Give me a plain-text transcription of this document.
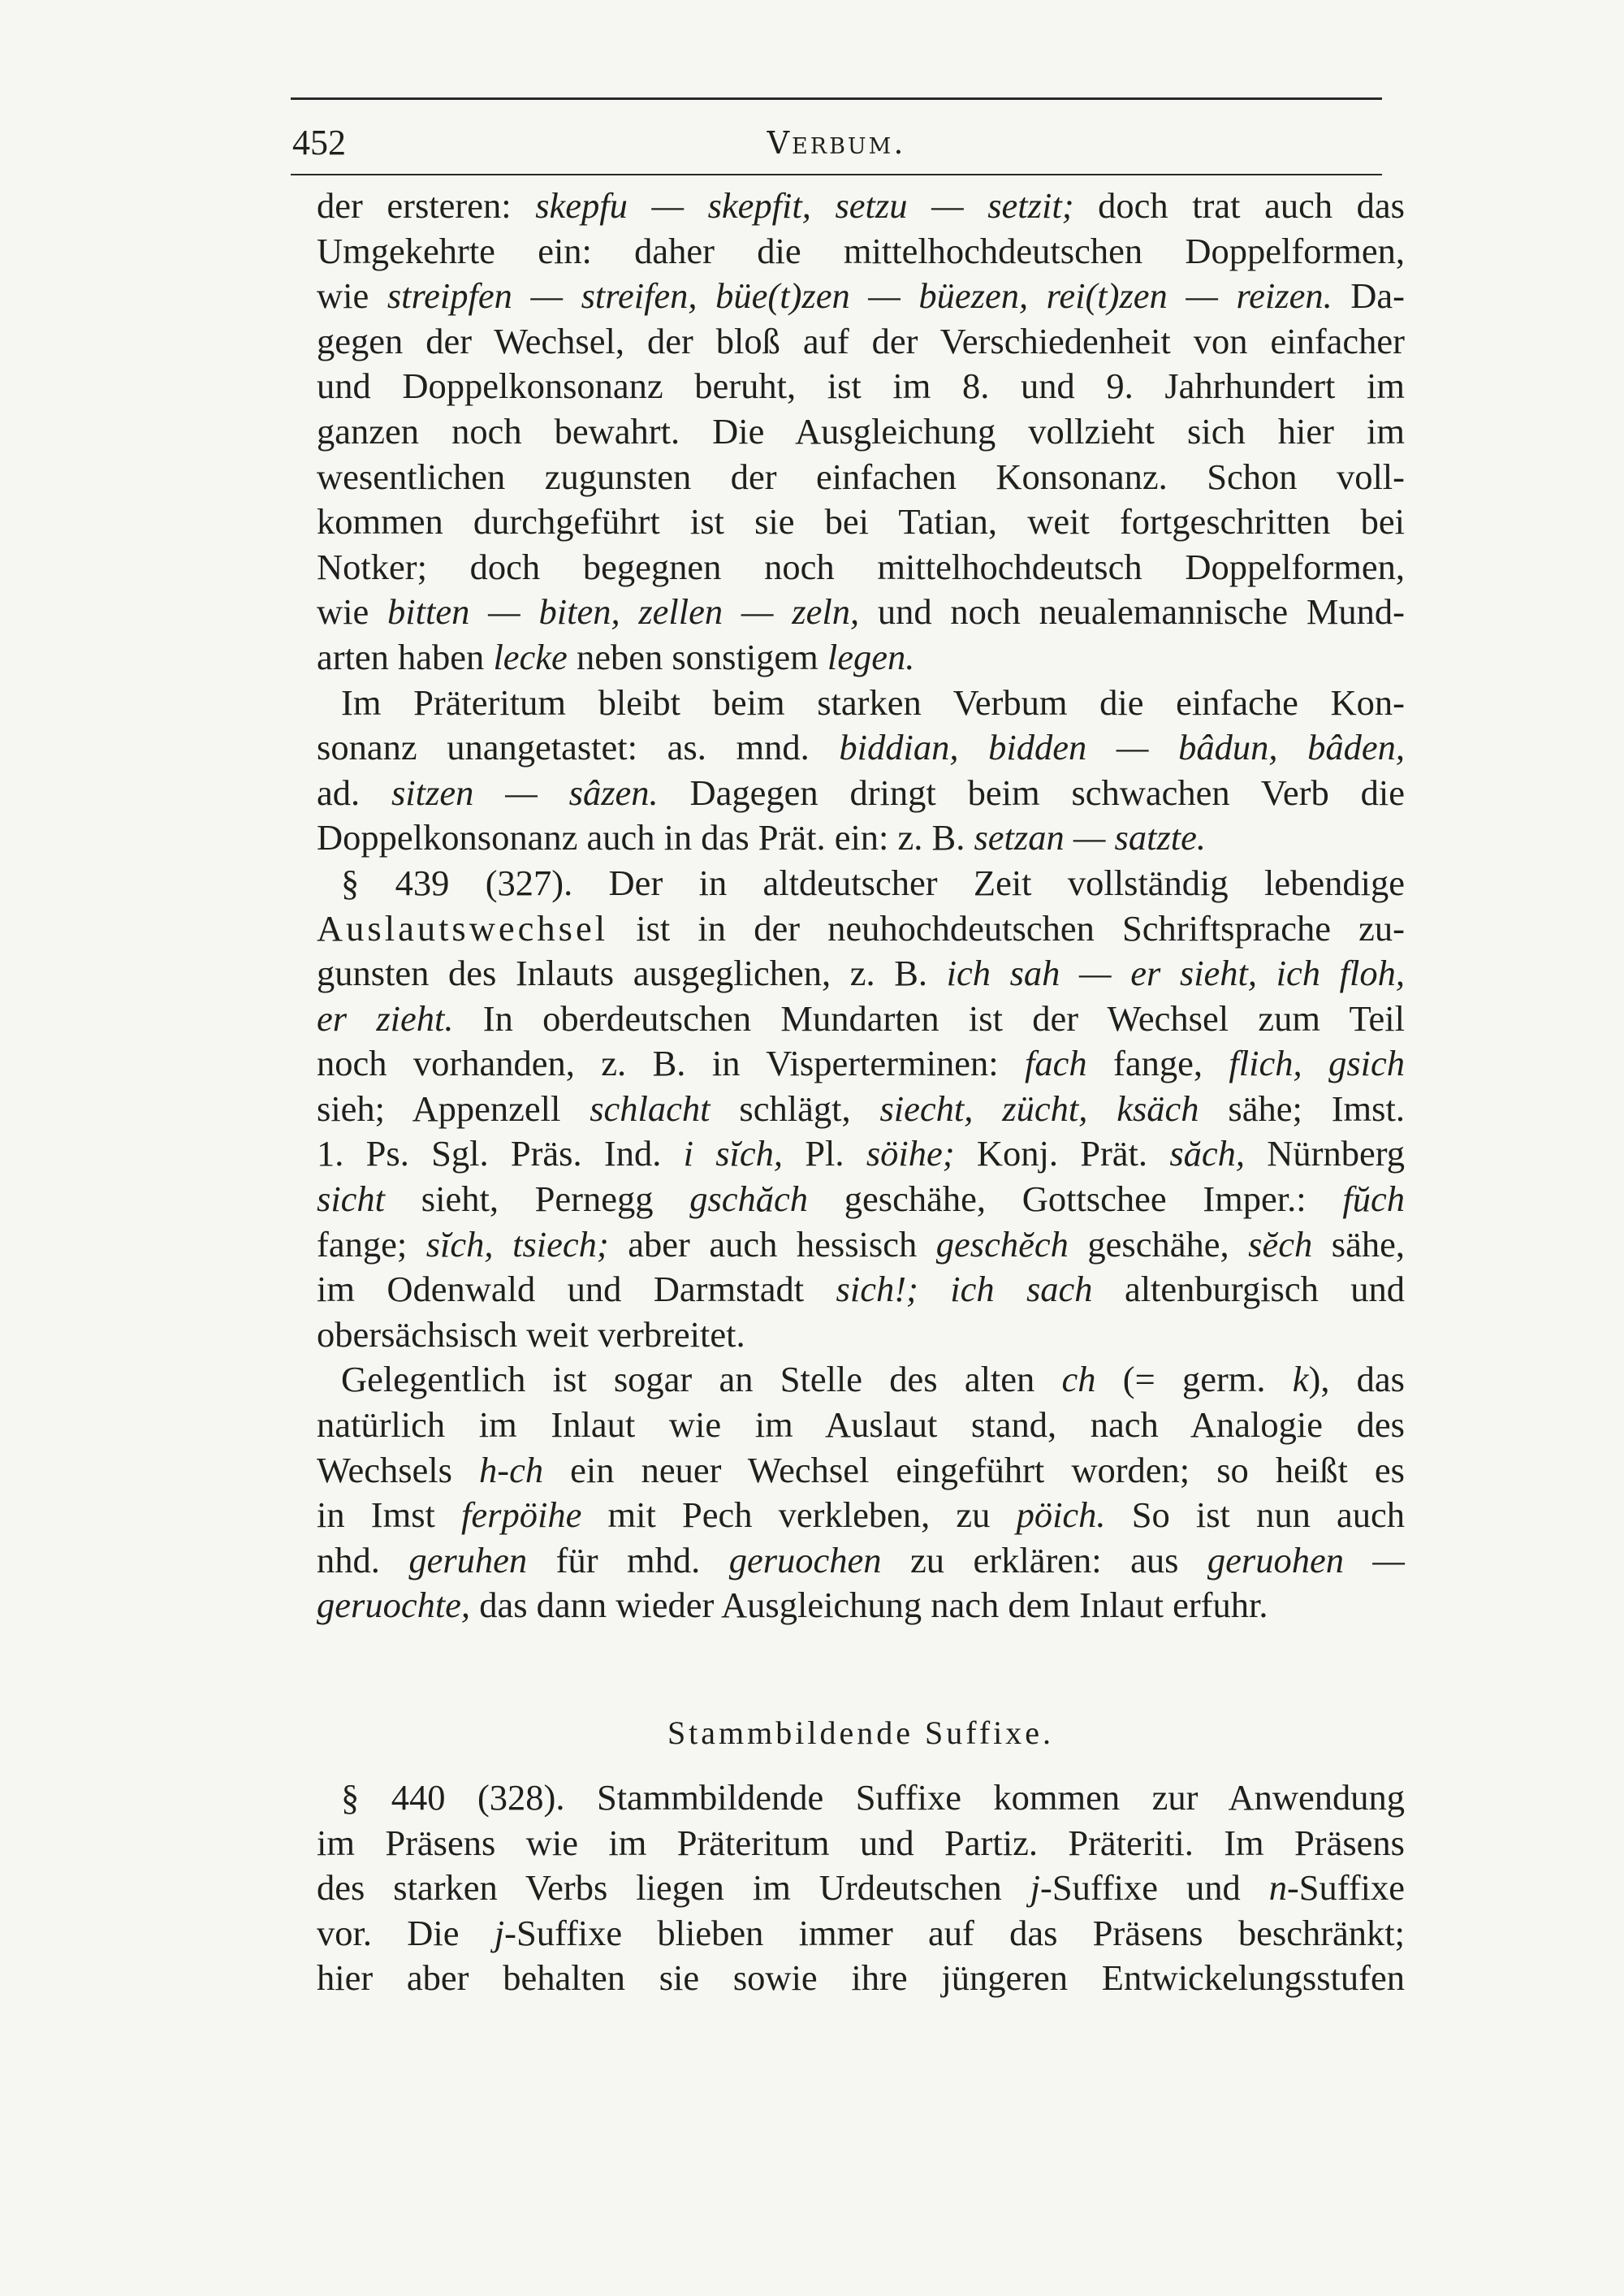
452	Verbum.
der ersteren: skepfu — skepfit, setzu — setzit; doch trat auch das
Umgekehrte ein: daher die mittelhochdeutschen Doppelformen,
wie streipfen — streifen, büe(t)zen — büezen, rei(t)zen — reizen. Da-
gegen der Wechsel, der bloß auf der Verschiedenheit von einfacher
und Doppelkonsonanz beruht, ist im 8. und 9. Jahrhundert im
ganzen noch bewahrt. Die Ausgleichung vollzieht sich hier im
wesentlichen zugunsten der einfachen Konsonanz. Schon voll-
kommen durchgeführt ist sie bei Tatian, weit fortgeschritten bei
Notker; doch begegnen noch mittelhochdeutsch Doppelformen,
wie bitten — biten, zellen — zeln, und noch neualemannische Mund-
arten haben lecke neben sonstigem legen.
Im Präteritum bleibt beim starken Verbum die einfache Kon-
sonanz unangetastet: as. mnd. biddian, bidden — bâdun, bâden,
ad. sitzen — sâzen. Dagegen dringt beim schwachen Verb die
Doppelkonsonanz auch in das Prät. ein: z. B. setzan — satzte.
§ 439 (327). Der in altdeutscher Zeit vollständig lebendige
Auslautswechsel ist in der neuhochdeutschen Schriftsprache zu-
gunsten des Inlauts ausgeglichen, z. B. ich sah — er sieht, ich floh,
er zieht. In oberdeutschen Mundarten ist der Wechsel zum Teil
noch vorhanden, z. B. in Visperterminen: fach fange, flich, gsich
sieh; Appenzell schlacht schlägt, siecht, zücht, ksäch sähe; Imst.
1. Ps. Sgl. Präs. Ind. i sĭch, Pl. söihe; Konj. Prät. săch, Nürnberg
sicht sieht, Pernegg gschăch geschähe, Gottschee Imper.: fŭch
fange; sĭch, tsiech; aber auch hessisch geschĕch geschähe, sĕch sähe,
im Odenwald und Darmstadt sich!; ich sach altenburgisch und
obersächsisch weit verbreitet.
Gelegentlich ist sogar an Stelle des alten ch (= germ. k), das
natürlich im Inlaut wie im Auslaut stand, nach Analogie des
Wechsels h-ch ein neuer Wechsel eingeführt worden; so heißt es
in Imst ferpöihe mit Pech verkleben, zu pöich. So ist nun auch
nhd. geruhen für mhd. geruochen zu erklären: aus geruohen —
geruochte, das dann wieder Ausgleichung nach dem Inlaut erfuhr.
Stammbildende Suffixe.
§ 440 (328). Stammbildende Suffixe kommen zur Anwendung
im Präsens wie im Präteritum und Partiz. Präteriti. Im Präsens
des starken Verbs liegen im Urdeutschen j-Suffixe und n-Suffixe
vor. Die j-Suffixe blieben immer auf das Präsens beschränkt;
hier aber behalten sie sowie ihre jüngeren Entwickelungsstufen
